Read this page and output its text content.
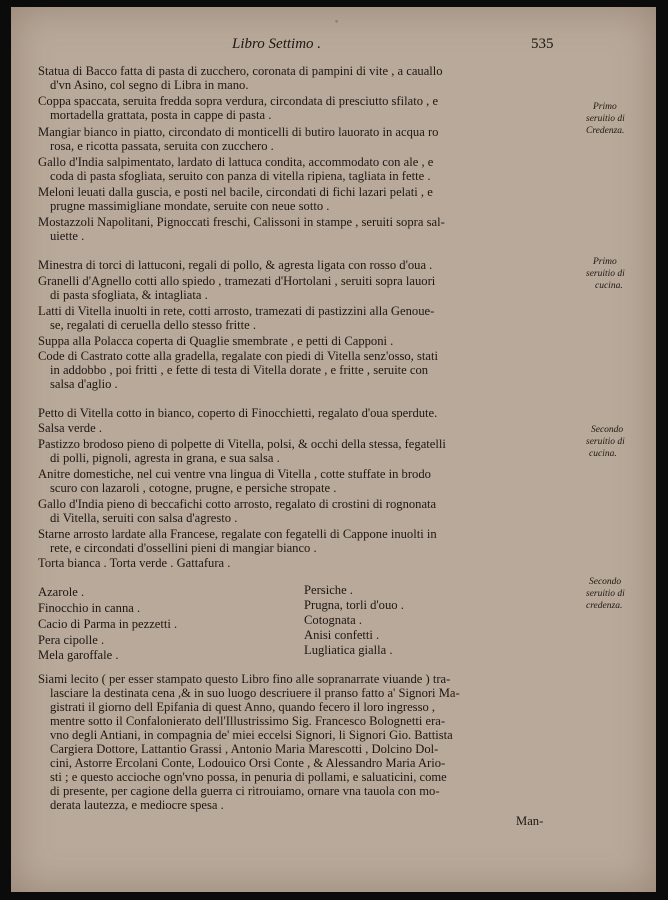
◦
Libro Settimo .	535
Statua di Bacco fatta di pasta di zucchero, coronata di pampini di vite , a cauallo
d'vn Asino, col segno di Libra in mano.
Coppa spaccata, seruita fredda sopra verdura, circondata di presciutto sfilato , e
mortadella grattata, posta in cappe di pasta .
Mangiar bianco in piatto, circondato di monticelli di butiro lauorato in acqua ro
rosa, e ricotta passata, seruita con zucchero .
Gallo d'India salpimentato, lardato di lattuca condita, accommodato con ale , e
coda di pasta sfogliata, seruito con panza di vitella ripiena, tagliata in fette .
Meloni leuati dalla guscia, e posti nel bacile, circondati di fichi lazari pelati , e
prugne massimigliane mondate, seruite con neue sotto .
Mostazzoli Napolitani, Pignoccati freschi, Calissoni in stampe , seruiti sopra sal-
uiette .
Minestra di torci di lattuconi, regali di pollo, & agresta ligata con rosso d'oua .
Granelli d'Agnello cotti allo spiedo , tramezati d'Hortolani , seruiti sopra lauori
di pasta sfogliata, & intagliata .
Latti di Vitella inuolti in rete, cotti arrosto, tramezati di pastizzini alla Genoue-
se, regalati di ceruella dello stesso fritte .
Suppa alla Polacca coperta di Quaglie smembrate , e petti di Capponi .
Code di Castrato cotte alla gradella, regalate con piedi di Vitella senz'osso, stati
in addobbo , poi fritti , e fette di testa di Vitella dorate , e fritte , seruite con
salsa d'aglio .
Petto di Vitella cotto in bianco, coperto di Finocchietti, regalato d'oua sperdute.
Salsa verde .
Pastizzo brodoso pieno di polpette di Vitella, polsi, & occhi della stessa, fegatelli
di polli, pignoli, agresta in grana, e sua salsa .
Anitre domestiche, nel cui ventre vna lingua di Vitella , cotte stuffate in brodo
scuro con lazaroli , cotogne, prugne, e persiche stropate .
Gallo d'India pieno di beccafichi cotto arrosto, regalato di crostini di rognonata
di Vitella, seruiti con salsa d'agresto .
Starne arrosto lardate alla Francese, regalate con fegatelli di Cappone inuolti in
rete, e circondati d'ossellini pieni di mangiar bianco .
Torta bianca . Torta verde . Gattafura .
Azarole .
Finocchio in canna .
Cacio di Parma in pezzetti .
Pera cipolle .
Mela garoffale .
Persiche .
Prugna, torli d'ouo .
Cotognata .
Anisi confetti .
Lugliatica gialla .
Siami lecito ( per esser stampato questo Libro fino alle sopranarrate viuande ) tra-
lasciare la destinata cena ,& in suo luogo descriuere il pranso fatto a' Signori Ma-
gistrati il giorno dell Epifania di quest Anno, quando fecero il loro ingresso ,
mentre sotto il Confalonierato dell'Illustrissimo Sig. Francesco Bolognetti era-
vno degli Antiani, in compagnia de' miei eccelsi Signori, li Signori Gio. Battista
Cargiera Dottore, Lattantio Grassi , Antonio Maria Marescotti , Dolcino Dol-
cini, Astorre Ercolani Conte, Lodouico Orsi Conte , & Alessandro Maria Ario-
sti ; e questo accioche ogn'vno possa, in penuria di pollami, e saluaticini, come
di presente, per cagione della guerra ci ritrouiamo, ornare vna tauola con mo-
derata lautezza, e mediocre spesa .
Man-
Primo
seruitio di
Credenza.
Primo
seruitio di
cucina.
Secondo
seruitio di
cucina.
Secondo
seruitio di
credenza.
